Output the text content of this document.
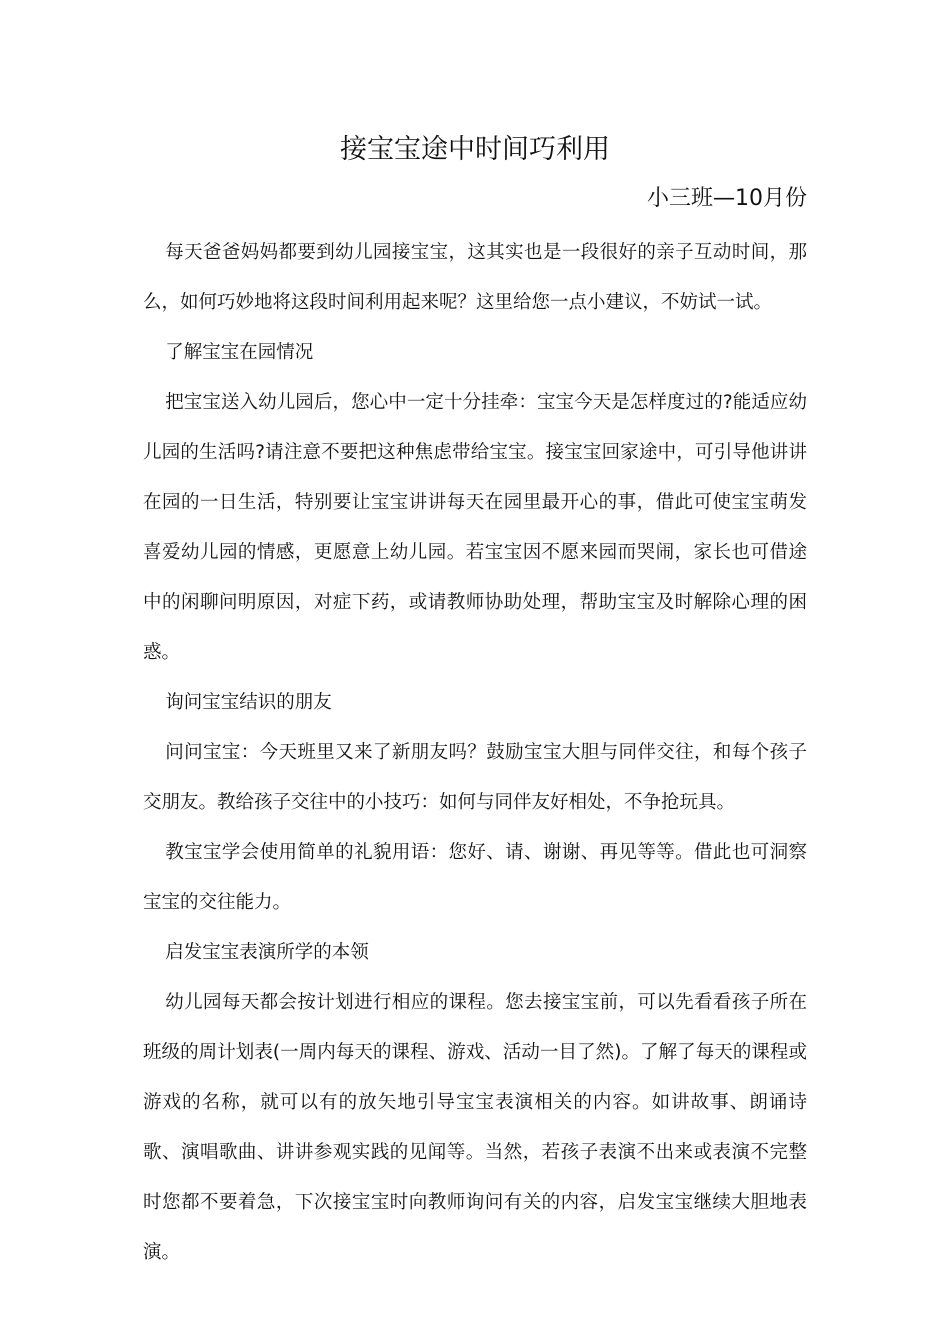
接宝宝途中时间巧利用
小三班—10月份

每天爸爸妈妈都要到幼儿园接宝宝，这其实也是一段很好的亲子互动时间，那么，如何巧妙地将这段时间利用起来呢？这里给您一点小建议，不妨试一试。

了解宝宝在园情况

把宝宝送入幼儿园后，您心中一定十分挂牵：宝宝今天是怎样度过的?能适应幼儿园的生活吗?请注意不要把这种焦虑带给宝宝。接宝宝回家途中，可引导他讲讲在园的一日生活，特别要让宝宝讲讲每天在园里最开心的事，借此可使宝宝萌发喜爱幼儿园的情感，更愿意上幼儿园。若宝宝因不愿来园而哭闹，家长也可借途中的闲聊问明原因，对症下药，或请教师协助处理，帮助宝宝及时解除心理的困惑。

询问宝宝结识的朋友

问问宝宝：今天班里又来了新朋友吗？鼓励宝宝大胆与同伴交往，和每个孩子交朋友。教给孩子交往中的小技巧：如何与同伴友好相处，不争抢玩具。

教宝宝学会使用简单的礼貌用语：您好、请、谢谢、再见等等。借此也可洞察宝宝的交往能力。

启发宝宝表演所学的本领

幼儿园每天都会按计划进行相应的课程。您去接宝宝前，可以先看看孩子所在班级的周计划表(一周内每天的课程、游戏、活动一目了然)。了解了每天的课程或游戏的名称，就可以有的放矢地引导宝宝表演相关的内容。如讲故事、朗诵诗歌、演唱歌曲、讲讲参观实践的见闻等。当然，若孩子表演不出来或表演不完整时您都不要着急，下次接宝宝时向教师询问有关的内容，启发宝宝继续大胆地表演。
